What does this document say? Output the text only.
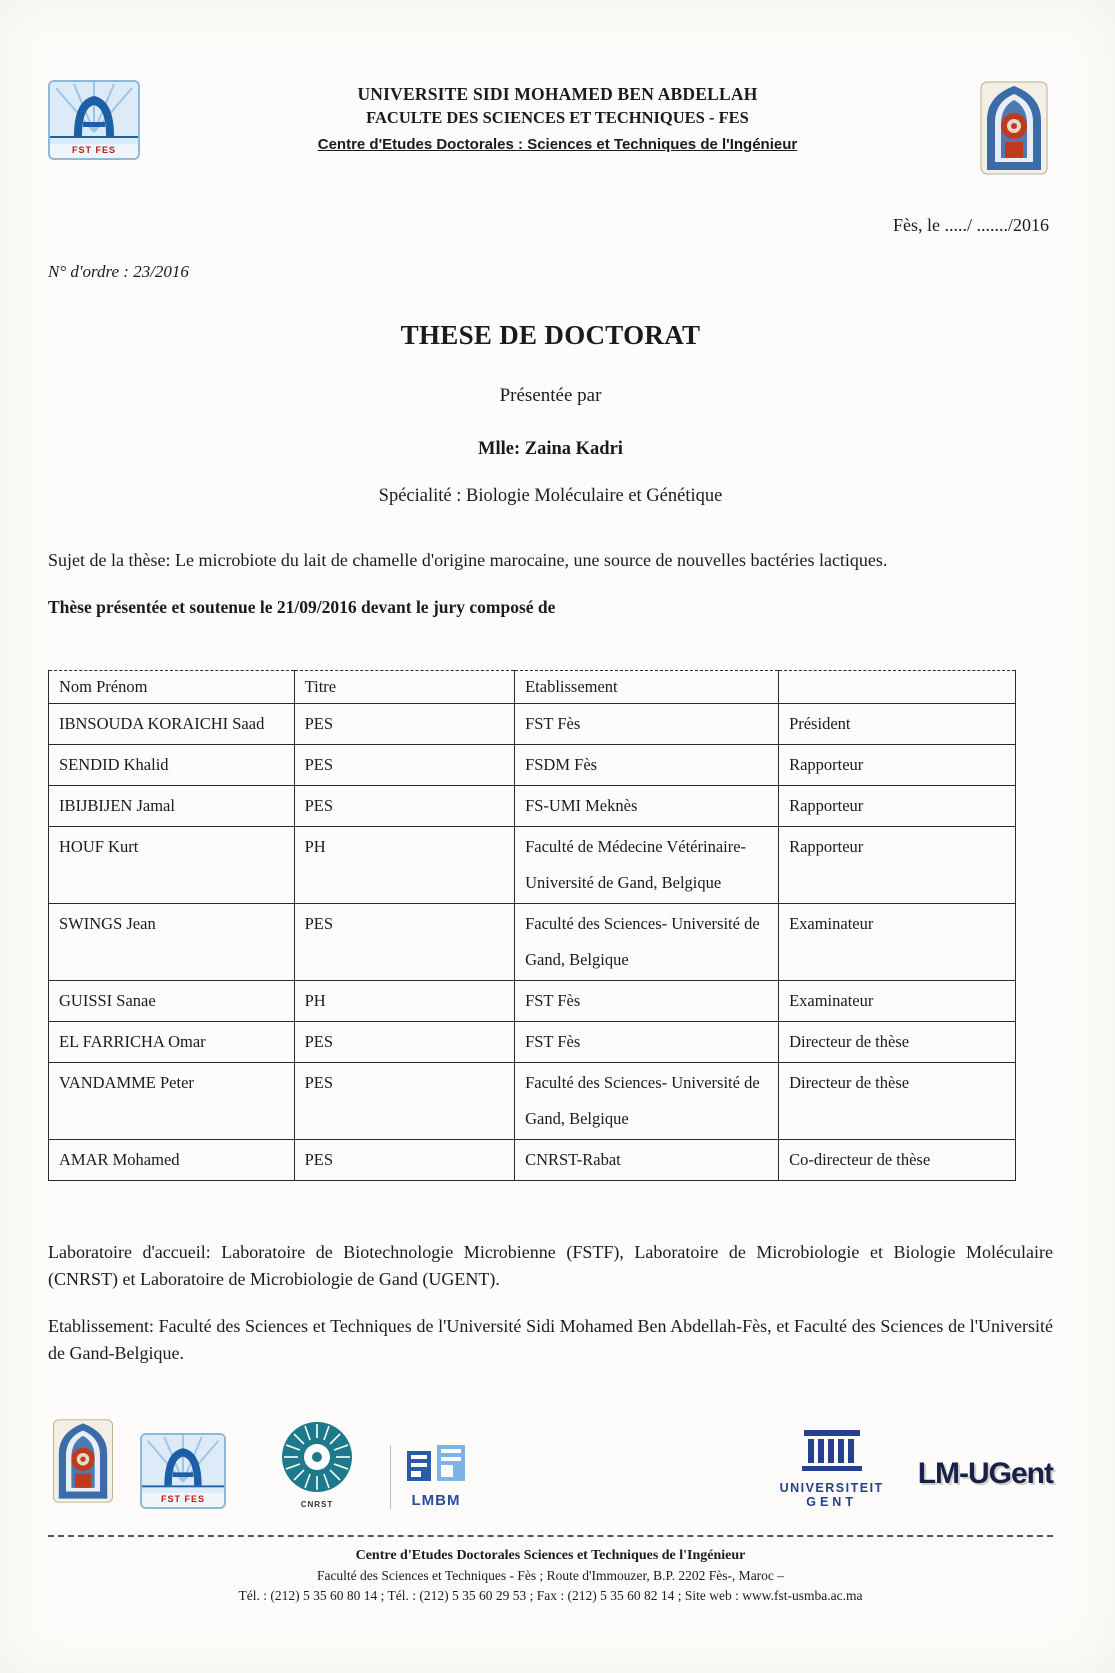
FST FES
UNIVERSITE SIDI MOHAMED BEN ABDELLAH
FACULTE DES SCIENCES ET TECHNIQUES - FES
Centre d'Etudes Doctorales : Sciences et Techniques de l'Ingénieur
Fès, le ...../ ......./2016
N° d'ordre : 23/2016
THESE DE DOCTORAT
Présentée par
Mlle: Zaina Kadri
Spécialité : Biologie Moléculaire et Génétique
Sujet de la thèse: Le microbiote du lait de chamelle d'origine marocaine, une source de nouvelles bactéries lactiques.
Thèse présentée et soutenue le 21/09/2016 devant le jury composé de
Nom Prénom	Titre	Etablissement	
IBNSOUDA KORAICHI Saad	PES	FST Fès	Président
SENDID Khalid	PES	FSDM Fès	Rapporteur
IBIJBIJEN Jamal	PES	FS-UMI Meknès	Rapporteur
HOUF Kurt	PH	Faculté de Médecine Vétérinaire- Université de Gand, Belgique	Rapporteur
SWINGS Jean	PES	Faculté des Sciences- Université de Gand, Belgique	Examinateur
GUISSI Sanae	PH	FST Fès	Examinateur
EL FARRICHA Omar	PES	FST Fès	Directeur de thèse
VANDAMME Peter	PES	Faculté des Sciences- Université de Gand, Belgique	Directeur de thèse
AMAR Mohamed	PES	CNRST-Rabat	Co-directeur de thèse
Laboratoire d'accueil: Laboratoire de Biotechnologie Microbienne (FSTF), Laboratoire de Microbiologie et Biologie Moléculaire (CNRST) et Laboratoire de Microbiologie de Gand (UGENT).
Etablissement: Faculté des Sciences et Techniques de l'Université Sidi Mohamed Ben Abdellah-Fès, et Faculté des Sciences de l'Université de Gand-Belgique.
FST FES
CNRST	LMBM
UNIVERSITEIT
GENT
LM-UGent
Centre d'Etudes Doctorales Sciences et Techniques de l'Ingénieur
Faculté des Sciences et Techniques - Fès ; Route d'Immouzer, B.P. 2202 Fès-, Maroc –
Tél. : (212) 5 35 60 80 14 ; Tél. : (212) 5 35 60 29 53 ; Fax : (212) 5 35 60 82 14 ; Site web : www.fst-usmba.ac.ma
